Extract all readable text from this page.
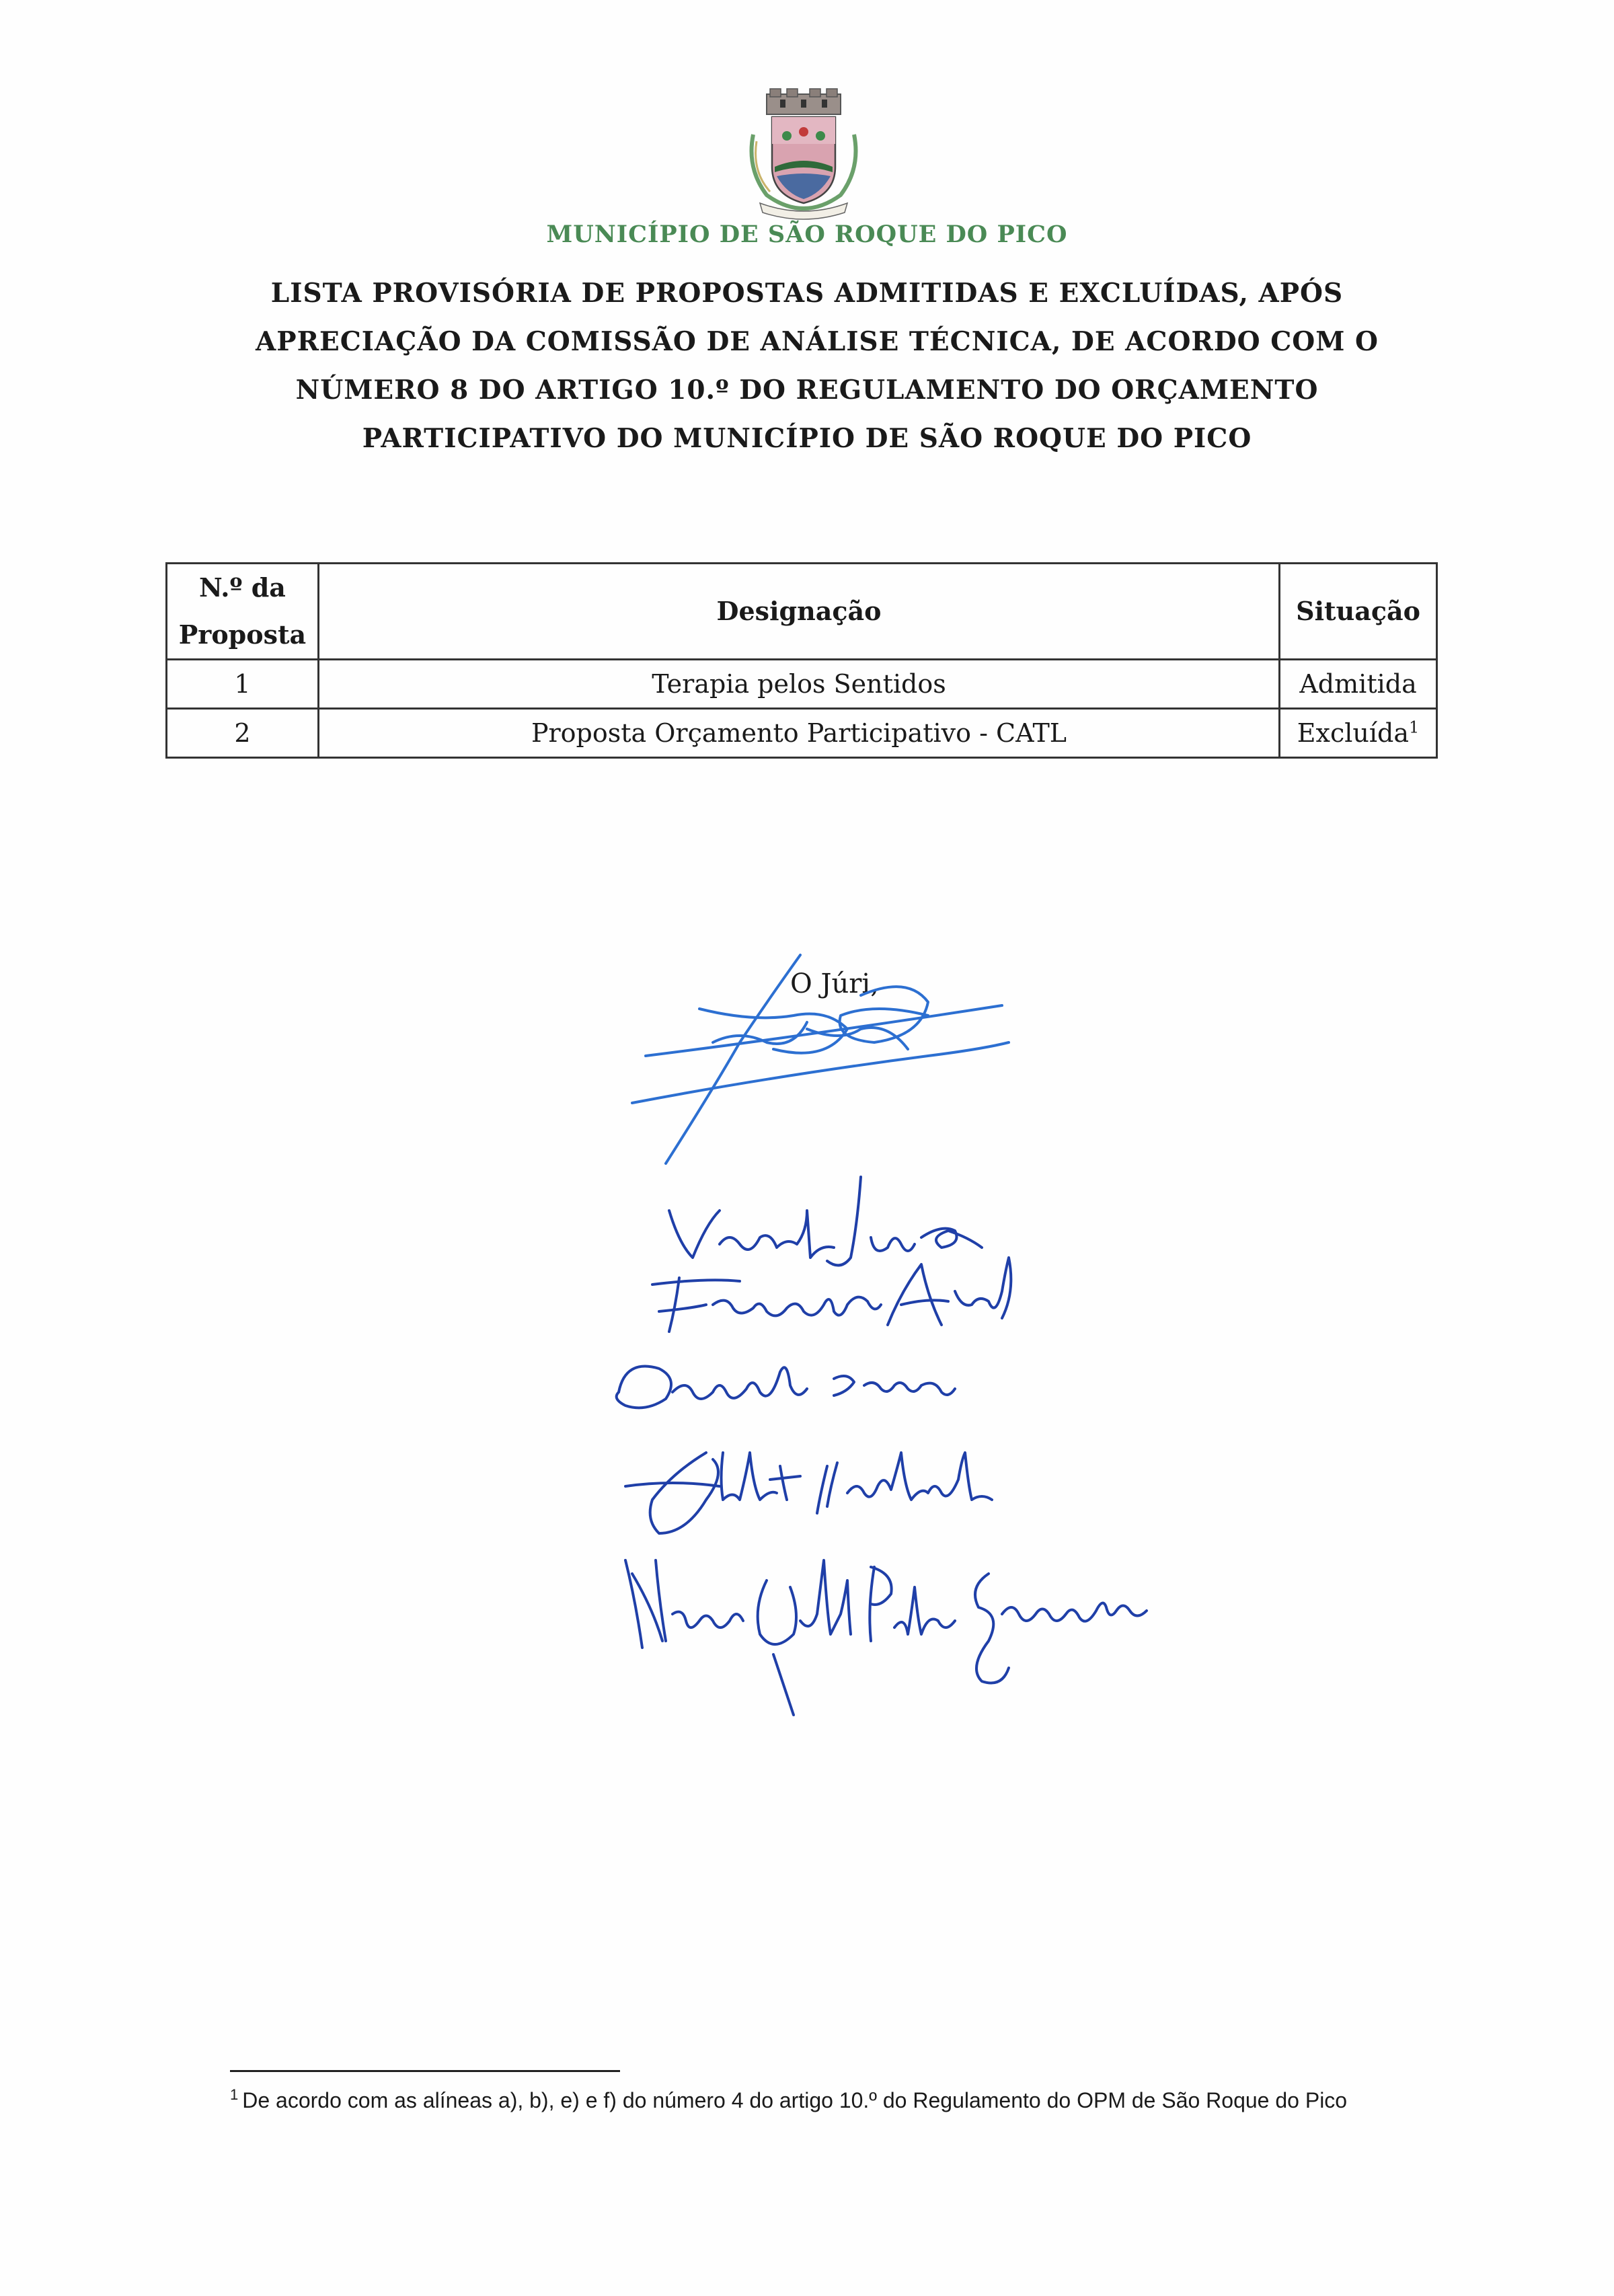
MUNICÍPIO DE SÃO ROQUE DO PICO
LISTA PROVISÓRIA DE PROPOSTAS ADMITIDAS E EXCLUÍDAS, APÓS
APRECIAÇÃO DA COMISSÃO DE ANÁLISE TÉCNICA, DE ACORDO COM O
NÚMERO 8 DO ARTIGO 10.º DO REGULAMENTO DO ORÇAMENTO
PARTICIPATIVO DO MUNICÍPIO DE SÃO ROQUE DO PICO
N.º da
Proposta	Designação	Situação
1	Terapia pelos Sentidos	Admitida
2	Proposta Orçamento Participativo - CATL	Excluída$^1$
O Júri,
$^1$ De acordo com as alíneas a), b), e) e f) do número 4 do artigo 10.º do Regulamento do OPM de São Roque do Pico
